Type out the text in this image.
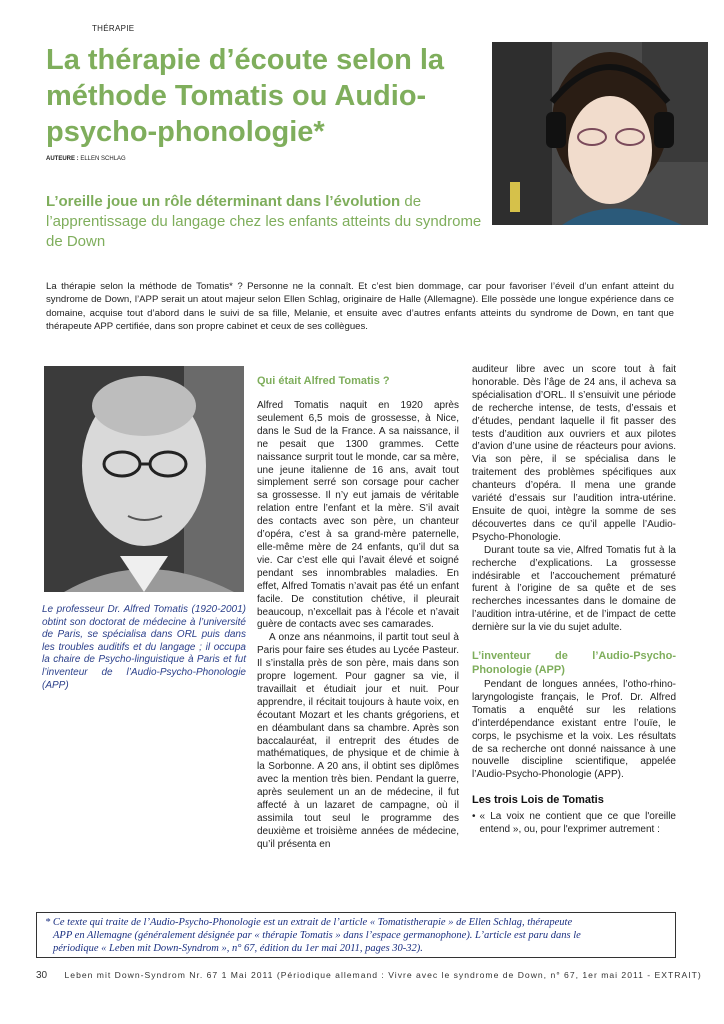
THÉRAPIE
La thérapie d’écoute selon la méthode Tomatis ou Audio-psycho-phonologie*
AUTEURE : ELLEN SCHLAG
L’oreille joue un rôle déterminant dans l’évolution de l’apprentissage du langage chez les enfants atteints du syndrome de Down
La thérapie selon la méthode de Tomatis* ? Personne ne la connaît. Et c’est bien dommage, car pour favoriser l’éveil d’un enfant atteint du syndrome de Down, l’APP serait un atout majeur selon Ellen Schlag, originaire de Halle (Allemagne). Elle possède une longue expérience dans ce domaine, acquise tout d’abord dans le suivi de sa fille, Melanie, et ensuite avec d’autres enfants atteints du syndrome de Down, en tant que thérapeute APP certifiée, dans son propre cabinet et ceux de ses collègues.
Le professeur Dr. Alfred Tomatis (1920-2001) obtint son doctorat de médecine à l’université de Paris, se spécialisa dans ORL puis dans les troubles auditifs et du langage ; il occupa la chaire de Psycho-linguistique à Paris et fut l’inventeur de l’Audio-Psycho-Phonologie (APP)
Qui était Alfred Tomatis ?

Alfred Tomatis naquit en 1920 après seulement 6,5 mois de grossesse, à Nice, dans le Sud de la France. A sa naissance, il ne pesait que 1300 grammes. Cette naissance surprit tout le monde, car sa mère, une jeune italienne de 16 ans, avait tout simplement serré son corsage pour cacher sa grossesse. Il n’y eut jamais de véritable relation entre l’enfant et la mère. S’il avait des contacts avec son père, un chanteur d’opéra, c’est à sa grand-mère paternelle, elle-même mère de 24 enfants, qu’il dut sa vie. Car c’est elle qui l’avait élevé et soigné pendant ses innombrables maladies. En effet, Alfred Tomatis n’avait pas été un enfant facile. De constitution chétive, il pleurait beaucoup, n’excellait pas à l’école et n’avait guère de contacts avec ses camarades.

A onze ans néanmoins, il partit tout seul à Paris pour faire ses études au Lycée Pasteur. Il s’installa près de son père, mais dans son propre logement. Pour gagner sa vie, il travaillait et étudiait jour et nuit. Pour apprendre, il récitait toujours à haute voix, en écoutant Mozart et les chants grégoriens, et en déambulant dans sa chambre. Après son baccalauréat, il entreprit des études de mathématiques, de physique et de chimie à la Sorbonne. A 20 ans, il obtint ses diplômes avec la mention très bien. Pendant la guerre, après seulement un an de médecine, il fut affecté à un lazaret de campagne, où il assimila tout seul le programme des deuxième et troisième années de médecine, qu’il présenta en

auditeur libre avec un score tout à fait honorable. Dès l’âge de 24 ans, il acheva sa spécialisation d’ORL. Il s’ensuivit une période de recherche intense, de tests, d’essais et d’études, pendant laquelle il fit passer des tests d’audition aux ouvriers et aux pilotes d’avion d’une usine de réacteurs pour avions. Via son père, il se spécialisa dans le traitement des problèmes spécifiques aux chanteurs d’opéra. Il mena une grande variété d’essais sur l’audition intra-utérine. Ensuite de quoi, intègre la somme de ses découvertes dans ce qu’il appelle l’Audio-Psycho-Phonologie.

Durant toute sa vie, Alfred Tomatis fut à la recherche d’explications. La grossesse indésirable et l’accouchement prématuré furent à l’origine de sa quête et de ses recherches incessantes dans le domaine de l’audition intra-utérine, et de l’impact de cette dernière sur la vie du sujet adulte.

L’inventeur de l’Audio-Psycho-Phonologie (APP)

Pendant de longues années, l’otho-rhino-laryngologiste français, le Prof. Dr. Alfred Tomatis a enquêté sur les relations d’interdépendance existant entre l’ouïe, le corps, le psychisme et la voix. Les résultats de sa recherche ont donné naissance à une nouvelle discipline scientifique, appelée l’Audio-Psycho-Phonologie (APP).

Les trois Lois de Tomatis
• « La voix ne contient que ce que l'oreille entend », ou, pour l'exprimer autrement :
* Ce texte qui traite de l’Audio-Psycho-Phonologie est un extrait de l’article « Tomatistherapie » de Ellen Schlag, thérapeute
APP en Allemagne (généralement désignée par « thérapie Tomatis » dans l’espace germanophone). L’article est paru dans le
périodique « Leben mit Down-Syndrom », n° 67, édition du 1er mai 2011, pages 30-32).
30 Leben mit Down-Syndrom Nr. 67 1 Mai 2011 (Périodique allemand : Vivre avec le syndrome de Down, n° 67, 1er mai 2011 - EXTRAIT)
